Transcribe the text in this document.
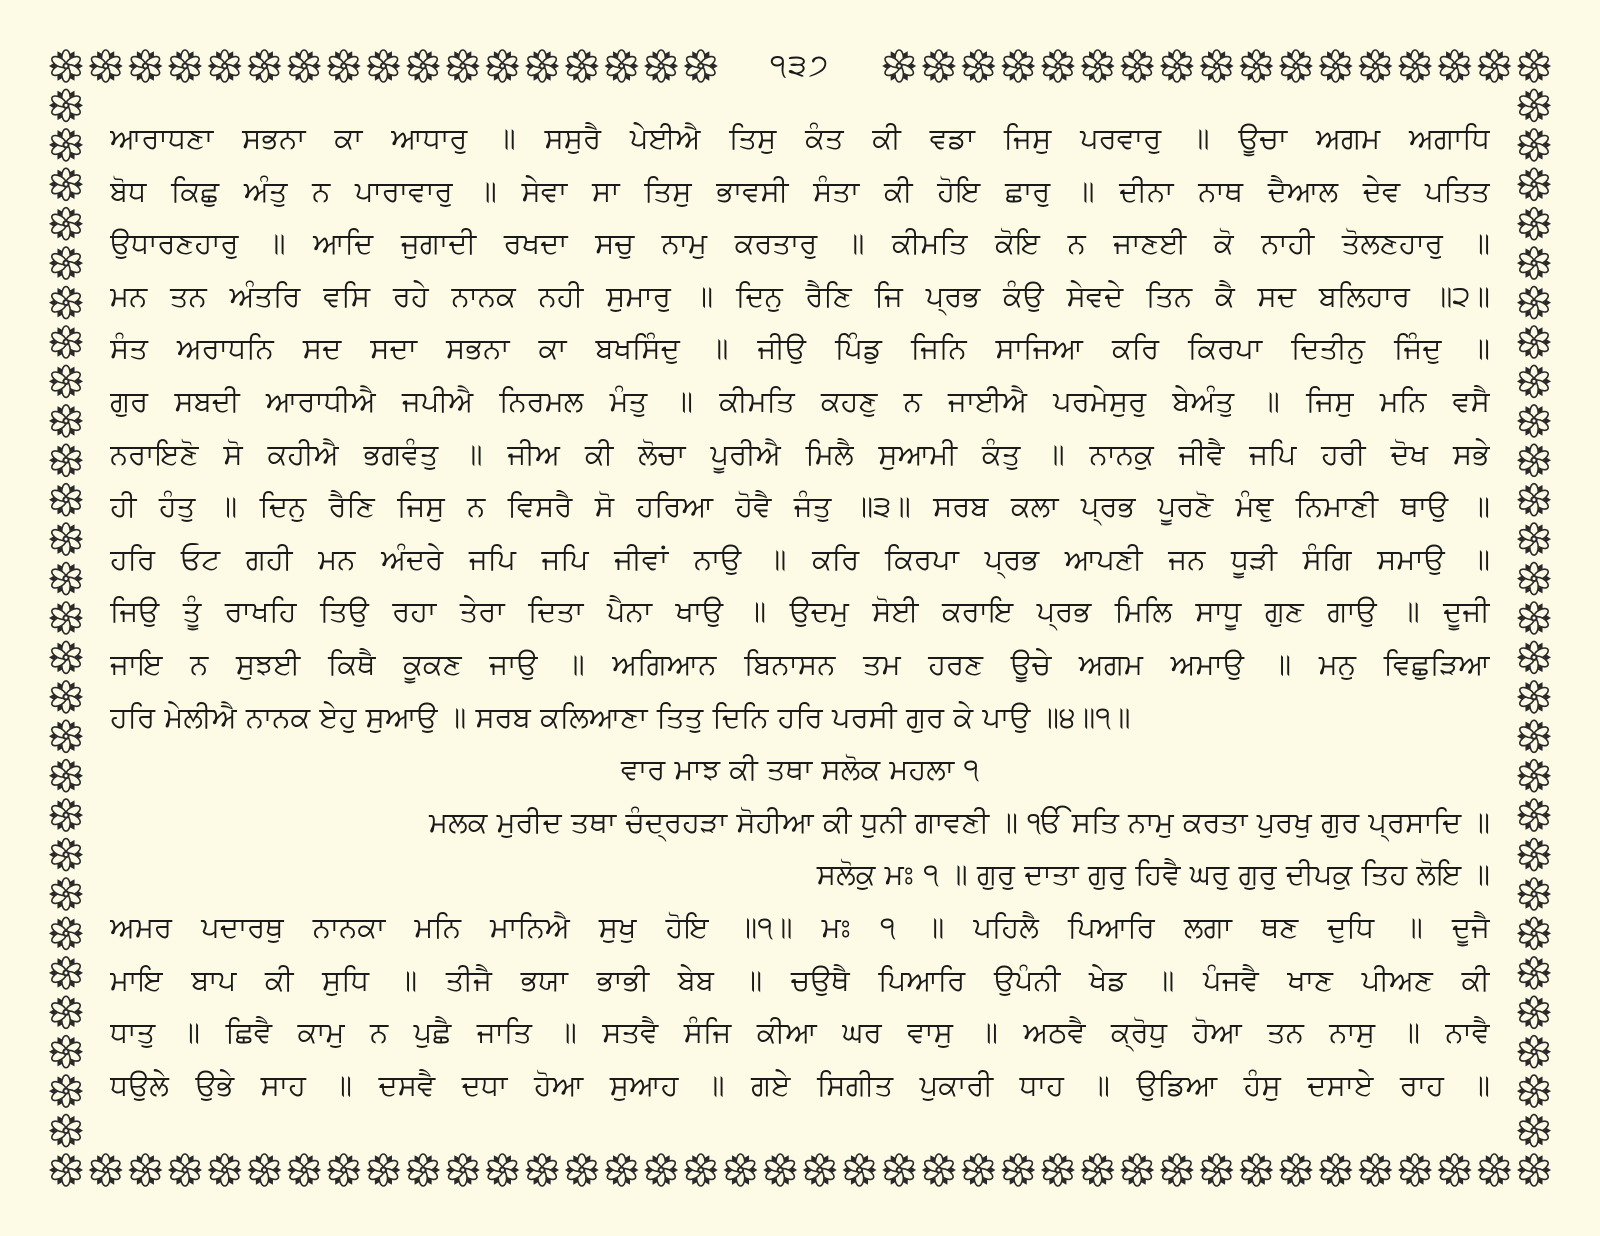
੧੩੭
ਆਰਾਧਣਾ ਸਭਨਾ ਕਾ ਆਧਾਰੁ ॥ ਸਸੁਰੈ ਪੇਈਐ ਤਿਸੁ ਕੰਤ ਕੀ ਵਡਾ ਜਿਸੁ ਪਰਵਾਰੁ ॥ ਊਚਾ ਅਗਮ ਅਗਾਧਿ
ਬੋਧ ਕਿਛੁ ਅੰਤੁ ਨ ਪਾਰਾਵਾਰੁ ॥ ਸੇਵਾ ਸਾ ਤਿਸੁ ਭਾਵਸੀ ਸੰਤਾ ਕੀ ਹੋਇ ਛਾਰੁ ॥ ਦੀਨਾ ਨਾਥ ਦੈਆਲ ਦੇਵ ਪਤਿਤ
ਉਧਾਰਣਹਾਰੁ ॥ ਆਦਿ ਜੁਗਾਦੀ ਰਖਦਾ ਸਚੁ ਨਾਮੁ ਕਰਤਾਰੁ ॥ ਕੀਮਤਿ ਕੋਇ ਨ ਜਾਣਈ ਕੋ ਨਾਹੀ ਤੋਲਣਹਾਰੁ ॥
ਮਨ ਤਨ ਅੰਤਰਿ ਵਸਿ ਰਹੇ ਨਾਨਕ ਨਹੀ ਸੁਮਾਰੁ ॥ ਦਿਨੁ ਰੈਣਿ ਜਿ ਪ੍ਰਭ ਕੰਉ ਸੇਵਦੇ ਤਿਨ ਕੈ ਸਦ ਬਲਿਹਾਰ ॥੨॥
ਸੰਤ ਅਰਾਧਨਿ ਸਦ ਸਦਾ ਸਭਨਾ ਕਾ ਬਖਸਿੰਦੁ ॥ ਜੀਉ ਪਿੰਡੁ ਜਿਨਿ ਸਾਜਿਆ ਕਰਿ ਕਿਰਪਾ ਦਿਤੀਨੁ ਜਿੰਦੁ ॥
ਗੁਰ ਸਬਦੀ ਆਰਾਧੀਐ ਜਪੀਐ ਨਿਰਮਲ ਮੰਤੁ ॥ ਕੀਮਤਿ ਕਹਣੁ ਨ ਜਾਈਐ ਪਰਮੇਸੁਰੁ ਬੇਅੰਤੁ ॥ ਜਿਸੁ ਮਨਿ ਵਸੈ
ਨਰਾਇਣੋ ਸੋ ਕਹੀਐ ਭਗਵੰਤੁ ॥ ਜੀਅ ਕੀ ਲੋਚਾ ਪੂਰੀਐ ਮਿਲੈ ਸੁਆਮੀ ਕੰਤੁ ॥ ਨਾਨਕੁ ਜੀਵੈ ਜਪਿ ਹਰੀ ਦੋਖ ਸਭੇ
ਹੀ ਹੰਤੁ ॥ ਦਿਨੁ ਰੈਣਿ ਜਿਸੁ ਨ ਵਿਸਰੈ ਸੋ ਹਰਿਆ ਹੋਵੈ ਜੰਤੁ ॥੩॥ ਸਰਬ ਕਲਾ ਪ੍ਰਭ ਪੂਰਣੋ ਮੰਞੁ ਨਿਮਾਣੀ ਥਾਉ ॥
ਹਰਿ ਓਟ ਗਹੀ ਮਨ ਅੰਦਰੇ ਜਪਿ ਜਪਿ ਜੀਵਾਂ ਨਾਉ ॥ ਕਰਿ ਕਿਰਪਾ ਪ੍ਰਭ ਆਪਣੀ ਜਨ ਧੂੜੀ ਸੰਗਿ ਸਮਾਉ ॥
ਜਿਉ ਤੂੰ ਰਾਖਹਿ ਤਿਉ ਰਹਾ ਤੇਰਾ ਦਿਤਾ ਪੈਨਾ ਖਾਉ ॥ ਉਦਮੁ ਸੋਈ ਕਰਾਇ ਪ੍ਰਭ ਮਿਲਿ ਸਾਧੂ ਗੁਣ ਗਾਉ ॥ ਦੂਜੀ
ਜਾਇ ਨ ਸੁਝਈ ਕਿਥੈ ਕੂਕਣ ਜਾਉ ॥ ਅਗਿਆਨ ਬਿਨਾਸਨ ਤਮ ਹਰਣ ਊਚੇ ਅਗਮ ਅਮਾਉ ॥ ਮਨੁ ਵਿਛੁੜਿਆ
ਹਰਿ ਮੇਲੀਐ ਨਾਨਕ ਏਹੁ ਸੁਆਉ ॥ ਸਰਬ ਕਲਿਆਣਾ ਤਿਤੁ ਦਿਨਿ ਹਰਿ ਪਰਸੀ ਗੁਰ ਕੇ ਪਾਉ ॥੪॥੧॥
ਵਾਰ ਮਾਝ ਕੀ ਤਥਾ ਸਲੋਕ ਮਹਲਾ ੧
ਮਲਕ ਮੁਰੀਦ ਤਥਾ ਚੰਦ੍ਰਹੜਾ ਸੋਹੀਆ ਕੀ ਧੁਨੀ ਗਾਵਣੀ ॥ ੴ ਸਤਿ ਨਾਮੁ ਕਰਤਾ ਪੁਰਖੁ ਗੁਰ ਪ੍ਰਸਾਦਿ ॥
ਸਲੋਕੁ ਮਃ ੧ ॥ ਗੁਰੁ ਦਾਤਾ ਗੁਰੁ ਹਿਵੈ ਘਰੁ ਗੁਰੁ ਦੀਪਕੁ ਤਿਹ ਲੋਇ ॥
ਅਮਰ ਪਦਾਰਥੁ ਨਾਨਕਾ ਮਨਿ ਮਾਨਿਐ ਸੁਖੁ ਹੋਇ ॥੧॥ ਮਃ ੧ ॥ ਪਹਿਲੈ ਪਿਆਰਿ ਲਗਾ ਥਣ ਦੁਧਿ ॥ ਦੂਜੈ
ਮਾਇ ਬਾਪ ਕੀ ਸੁਧਿ ॥ ਤੀਜੈ ਭਯਾ ਭਾਭੀ ਬੇਬ ॥ ਚਉਥੈ ਪਿਆਰਿ ਉਪੰਨੀ ਖੇਡ ॥ ਪੰਜਵੈ ਖਾਣ ਪੀਅਣ ਕੀ
ਧਾਤੁ ॥ ਛਿਵੈ ਕਾਮੁ ਨ ਪੁਛੈ ਜਾਤਿ ॥ ਸਤਵੈ ਸੰਜਿ ਕੀਆ ਘਰ ਵਾਸੁ ॥ ਅਠਵੈ ਕ੍ਰੋਧੁ ਹੋਆ ਤਨ ਨਾਸੁ ॥ ਨਾਵੈ
ਧਉਲੇ ਉਭੇ ਸਾਹ ॥ ਦਸਵੈ ਦਧਾ ਹੋਆ ਸੁਆਹ ॥ ਗਏ ਸਿਗੀਤ ਪੁਕਾਰੀ ਧਾਹ ॥ ਉਡਿਆ ਹੰਸੁ ਦਸਾਏ ਰਾਹ ॥
